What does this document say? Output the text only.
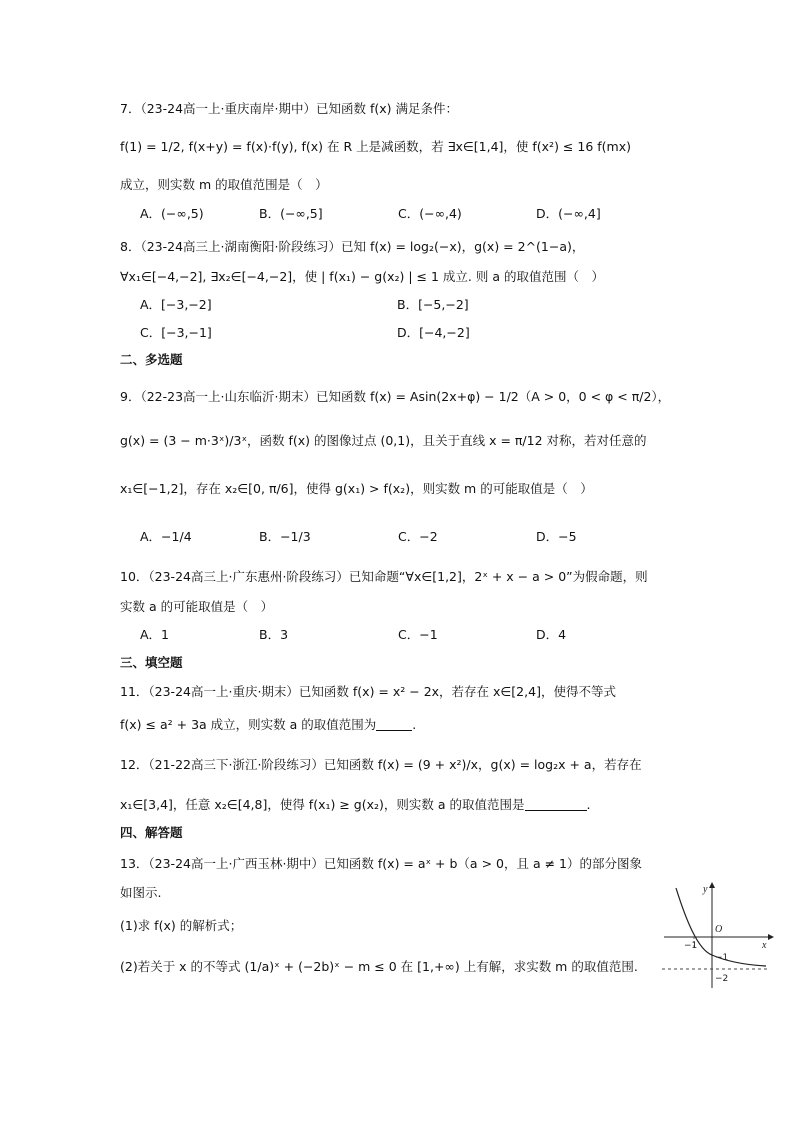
7．（23-24高一上·重庆南岸·期中）已知函数 f(x) 满足条件：
f(1) = 1/2, f(x+y) = f(x)·f(y), f(x) 在 R 上是减函数，若 ∃x∈[1,4]，使 f(x²) ≤ 16 f(mx)
成立，则实数 m 的取值范围是（　）
A．(−∞,5)	B．(−∞,5]	C．(−∞,4)	D．(−∞,4]
8．（23-24高三上·湖南衡阳·阶段练习）已知 f(x) = log₂(−x)，g(x) = 2^(1−a)，
∀x₁∈[−4,−2], ∃x₂∈[−4,−2]，使 | f(x₁) − g(x₂) | ≤ 1 成立. 则 a 的取值范围（　）
A．[−3,−2]	B．[−5,−2]
C．[−3,−1]	D．[−4,−2]
二、多选题
9．（22-23高一上·山东临沂·期末）已知函数 f(x) = Asin(2x+φ) − 1/2（A > 0，0 < φ < π/2），
g(x) = (3 − m·3ˣ)/3ˣ，函数 f(x) 的图像过点 (0,1)，且关于直线 x = π/12 对称，若对任意的
x₁∈[−1,2]，存在 x₂∈[0, π/6]，使得 g(x₁) > f(x₂)，则实数 m 的可能取值是（　）
A．−1/4	B．−1/3	C．−2	D．−5
10．（23-24高三上·广东惠州·阶段练习）已知命题“∀x∈[1,2]，2ˣ + x − a > 0”为假命题，则
实数 a 的可能取值是（　）
A．1	B．3	C．−1	D．4
三、填空题
11．（23-24高一上·重庆·期末）已知函数 f(x) = x² − 2x，若存在 x∈[2,4]，使得不等式
f(x) ≤ a² + 3a 成立，则实数 a 的取值范围为	.
12．（21-22高三下·浙江·阶段练习）已知函数 f(x) = (9 + x²)/x，g(x) = log₂x + a，若存在
x₁∈[3,4]，任意 x₂∈[4,8]，使得 f(x₁) ≥ g(x₂)，则实数 a 的取值范围是	.
四、解答题
13．（23-24高一上·广西玉林·期中）已知函数 f(x) = aˣ + b（a > 0，且 a ≠ 1）的部分图象
如图示.
(1)求 f(x) 的解析式；
(2)若关于 x 的不等式 (1/a)ˣ + (−2b)ˣ − m ≤ 0 在 [1,+∞) 上有解，求实数 m 的取值范围.
y
x
O
−1
−1
−2
